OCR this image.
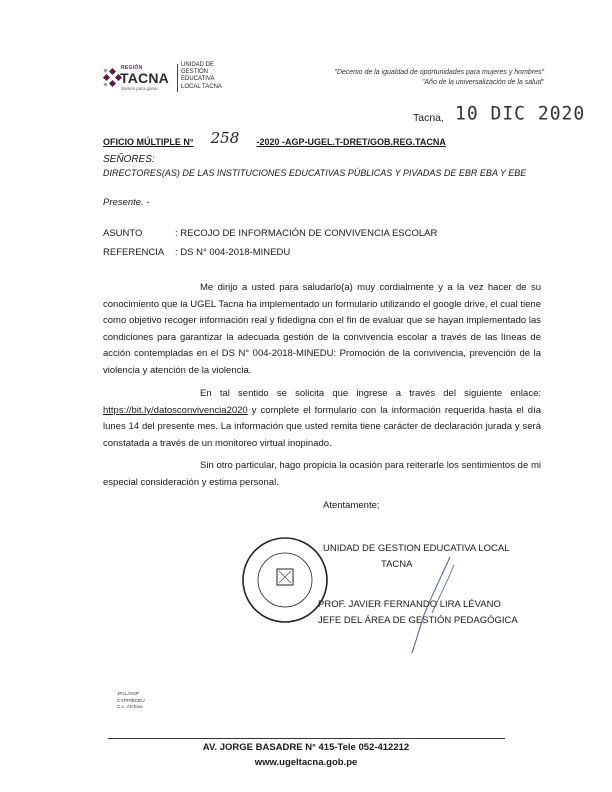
REGIÓN
TACNA
Somos para ganar
UNIDAD DE
GESTIÓN
EDUCATIVA
LOCAL TACNA
"Decenio de la igualdad de oportunidades para mujeres y hombres"
"Año de la universalización de la salud"
Tacna, 10 DIC 2020
OFICIO MÚLTIPLE N° 258 -2020 -AGP-UGEL.T-DRET/GOB.REG.TACNA
SEÑORES:
DIRECTORES(AS) DE LAS INSTITUCIONES EDUCATIVAS PÚBLICAS Y PIVADAS DE EBR EBA Y EBE
Presente. -
ASUNTO	: RECOJO DE INFORMACIÓN DE CONVIVENCIA ESCOLAR
REFERENCIA : DS N° 004-2018-MINEDU
Me dirijo a usted para saludarlo(a) muy cordialmente y a la vez hacer de su conocimiento que la UGEL Tacna ha implementado un formulario utilizando el google drive, el cual tiene como objetivo recoger información real y fidedigna con el fin de evaluar que se hayan implementado las condiciones para garantizar la adecuada gestión de la convivencia escolar a través de las líneas de acción contempladas en el DS N° 004-2018-MINEDU: Promoción de la convivencia, prevención de la violencia y atención de la violencia.
En tal sentido se solicita que ingrese a través del siguiente enlace: https://bit.ly/datosconvivencia2020 y complete el formulario con la información requerida hasta el día lunes 14 del presente mes. La información que usted remita tiene carácter de declaración jurada y será constatada a través de un monitoreo virtual inopinado.
Sin otro particular, hago propicia la ocasión para reiterarle los sentimientos de mi especial consideración y estima personal.
Atentamente;
UNIDAD DE GESTION EDUCATIVA LOCAL
TACNA
PROF. JAVIER FERNANDO LIRA LÉVANO
JEFE DEL ÁREA DE GESTIÓN PEDAGÓGICA
JFLL/AGP
CYPP/BCEU
C.c. Archivo
AV. JORGE BASADRE N° 415-Tele 052-412212
www.ugeltacna.gob.pe
